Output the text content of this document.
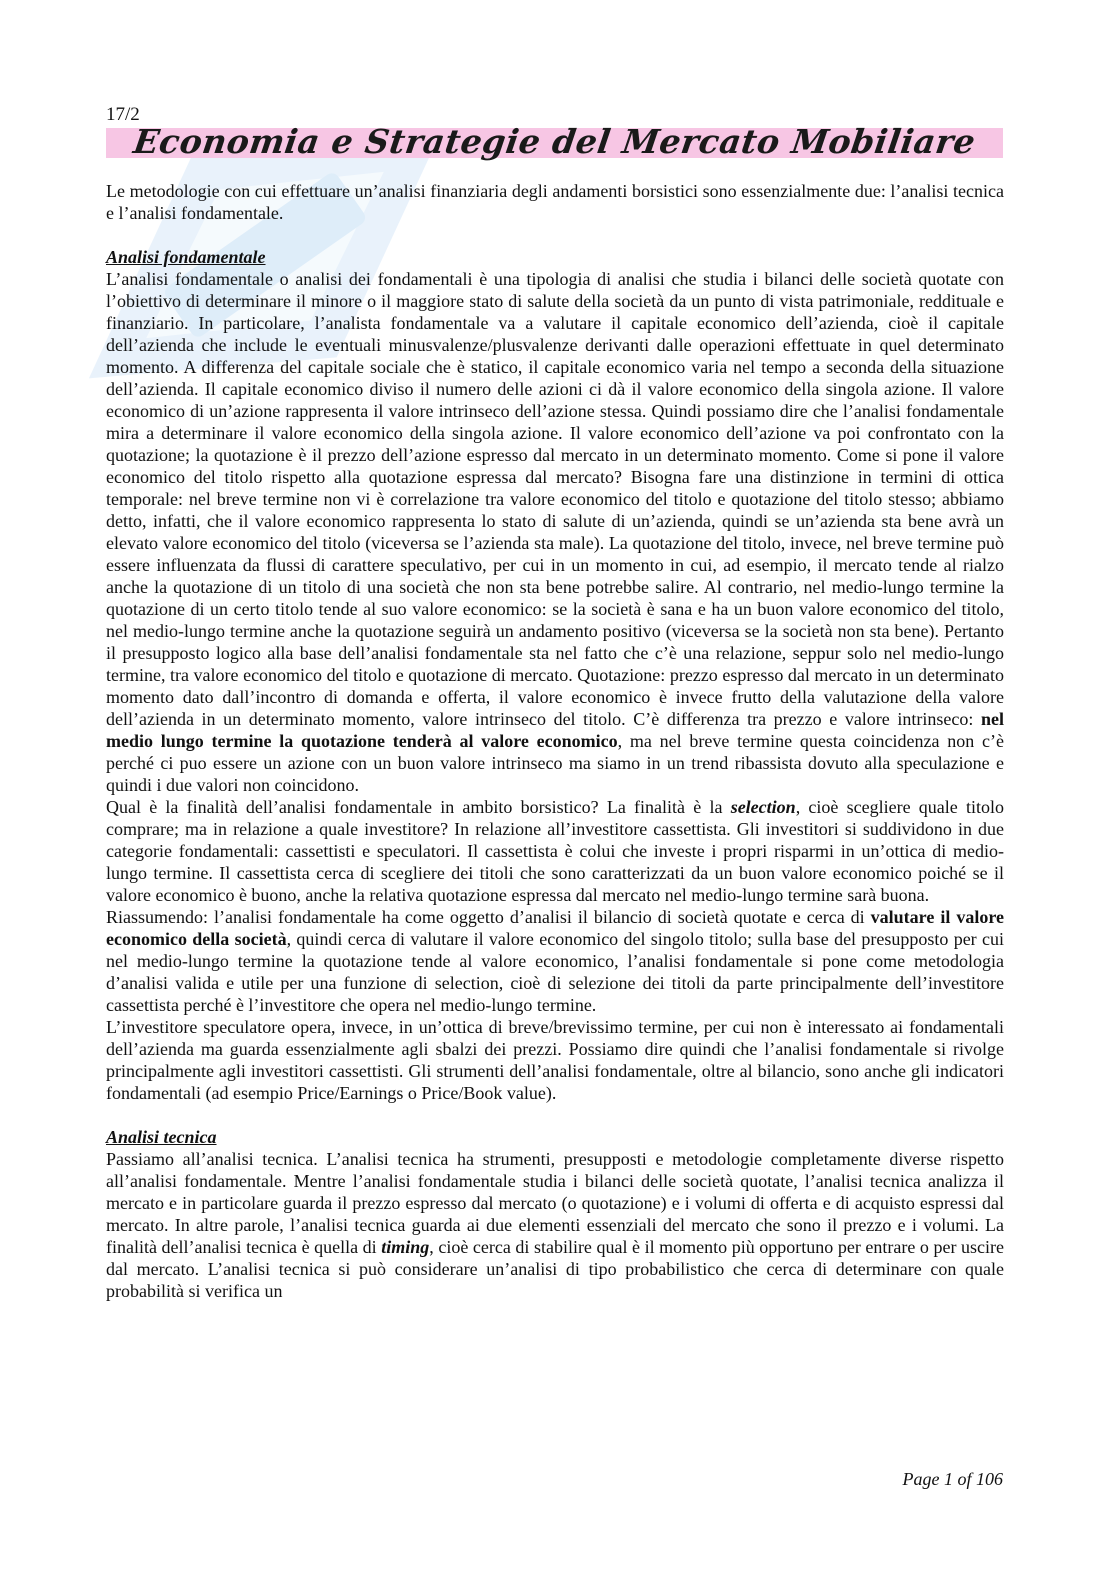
17/2
Economia e Strategie del Mercato Mobiliare

Le metodologie con cui effettuare un’analisi finanziaria degli andamenti borsistici sono essenzialmente due: l’analisi tecnica e l’analisi fondamentale.

Analisi fondamentale

L’analisi fondamentale o analisi dei fondamentali è una tipologia di analisi che studia i bilanci delle società quotate con l’obiettivo di determinare il minore o il maggiore stato di salute della società da un punto di vista patrimoniale, reddituale e finanziario. In particolare, l’analista fondamentale va a valutare il capitale economico dell’azienda, cioè il capitale dell’azienda che include le eventuali minusvalenze/plusvalenze derivanti dalle operazioni effettuate in quel determinato momento. A differenza del capitale sociale che è statico, il capitale economico varia nel tempo a seconda della situazione dell’azienda. Il capitale economico diviso il numero delle azioni ci dà il valore economico della singola azione. Il valore economico di un’azione rappresenta il valore intrinseco dell’azione stessa. Quindi possiamo dire che l’analisi fondamentale mira a determinare il valore economico della singola azione. Il valore economico dell’azione va poi confrontato con la quotazione; la quotazione è il prezzo dell’azione espresso dal mercato in un determinato momento. Come si pone il valore economico del titolo rispetto alla quotazione espressa dal mercato? Bisogna fare una distinzione in termini di ottica temporale: nel breve termine non vi è correlazione tra valore economico del titolo e quotazione del titolo stesso; abbiamo detto, infatti, che il valore economico rappresenta lo stato di salute di un’azienda, quindi se un’azienda sta bene avrà un elevato valore economico del titolo (viceversa se l’azienda sta male). La quotazione del titolo, invece, nel breve termine può essere influenzata da flussi di carattere speculativo, per cui in un momento in cui, ad esempio, il mercato tende al rialzo anche la quotazione di un titolo di una società che non sta bene potrebbe salire. Al contrario, nel medio-lungo termine la quotazione di un certo titolo tende al suo valore economico: se la società è sana e ha un buon valore economico del titolo, nel medio-lungo termine anche la quotazione seguirà un andamento positivo (viceversa se la società non sta bene). Pertanto il presupposto logico alla base dell’analisi fondamentale sta nel fatto che c’è una relazione, seppur solo nel medio-lungo termine, tra valore economico del titolo e quotazione di mercato. Quotazione: prezzo espresso dal mercato in un determinato momento dato dall’incontro di domanda e offerta, il valore economico è invece frutto della valutazione della valore dell’azienda in un determinato momento, valore intrinseco del titolo. C’è differenza tra prezzo e valore intrinseco: nel medio lungo termine la quotazione tenderà al valore economico, ma nel breve termine questa coincidenza non c’è perché ci puo essere un azione con un buon valore intrinseco ma siamo in un trend ribassista dovuto alla speculazione e quindi i due valori non coincidono.

Qual è la finalità dell’analisi fondamentale in ambito borsistico? La finalità è la selection, cioè scegliere quale titolo comprare; ma in relazione a quale investitore? In relazione all’investitore cassettista. Gli investitori si suddividono in due categorie fondamentali: cassettisti e speculatori. Il cassettista è colui che investe i propri risparmi in un’ottica di medio-lungo termine. Il cassettista cerca di scegliere dei titoli che sono caratterizzati da un buon valore economico poiché se il valore economico è buono, anche la relativa quotazione espressa dal mercato nel medio-lungo termine sarà buona.

Riassumendo: l’analisi fondamentale ha come oggetto d’analisi il bilancio di società quotate e cerca di valutare il valore economico della società, quindi cerca di valutare il valore economico del singolo titolo; sulla base del presupposto per cui nel medio-lungo termine la quotazione tende al valore economico, l’analisi fondamentale si pone come metodologia d’analisi valida e utile per una funzione di selection, cioè di selezione dei titoli da parte principalmente dell’investitore cassettista perché è l’investitore che opera nel medio-lungo termine.

L’investitore speculatore opera, invece, in un’ottica di breve/brevissimo termine, per cui non è interessato ai fondamentali dell’azienda ma guarda essenzialmente agli sbalzi dei prezzi. Possiamo dire quindi che l’analisi fondamentale si rivolge principalmente agli investitori cassettisti. Gli strumenti dell’analisi fondamentale, oltre al bilancio, sono anche gli indicatori fondamentali (ad esempio Price/Earnings o Price/Book value).

Analisi tecnica

Passiamo all’analisi tecnica. L’analisi tecnica ha strumenti, presupposti e metodologie completamente diverse rispetto all’analisi fondamentale. Mentre l’analisi fondamentale studia i bilanci delle società quotate, l’analisi tecnica analizza il mercato e in particolare guarda il prezzo espresso dal mercato (o quotazione) e i volumi di offerta e di acquisto espressi dal mercato. In altre parole, l’analisi tecnica guarda ai due elementi essenziali del mercato che sono il prezzo e i volumi. La finalità dell’analisi tecnica è quella di timing, cioè cerca di stabilire qual è il momento più opportuno per entrare o per uscire dal mercato. L’analisi tecnica si può considerare un’analisi di tipo probabilistico che cerca di determinare con quale probabilità si verifica un

Page 1 of 106
